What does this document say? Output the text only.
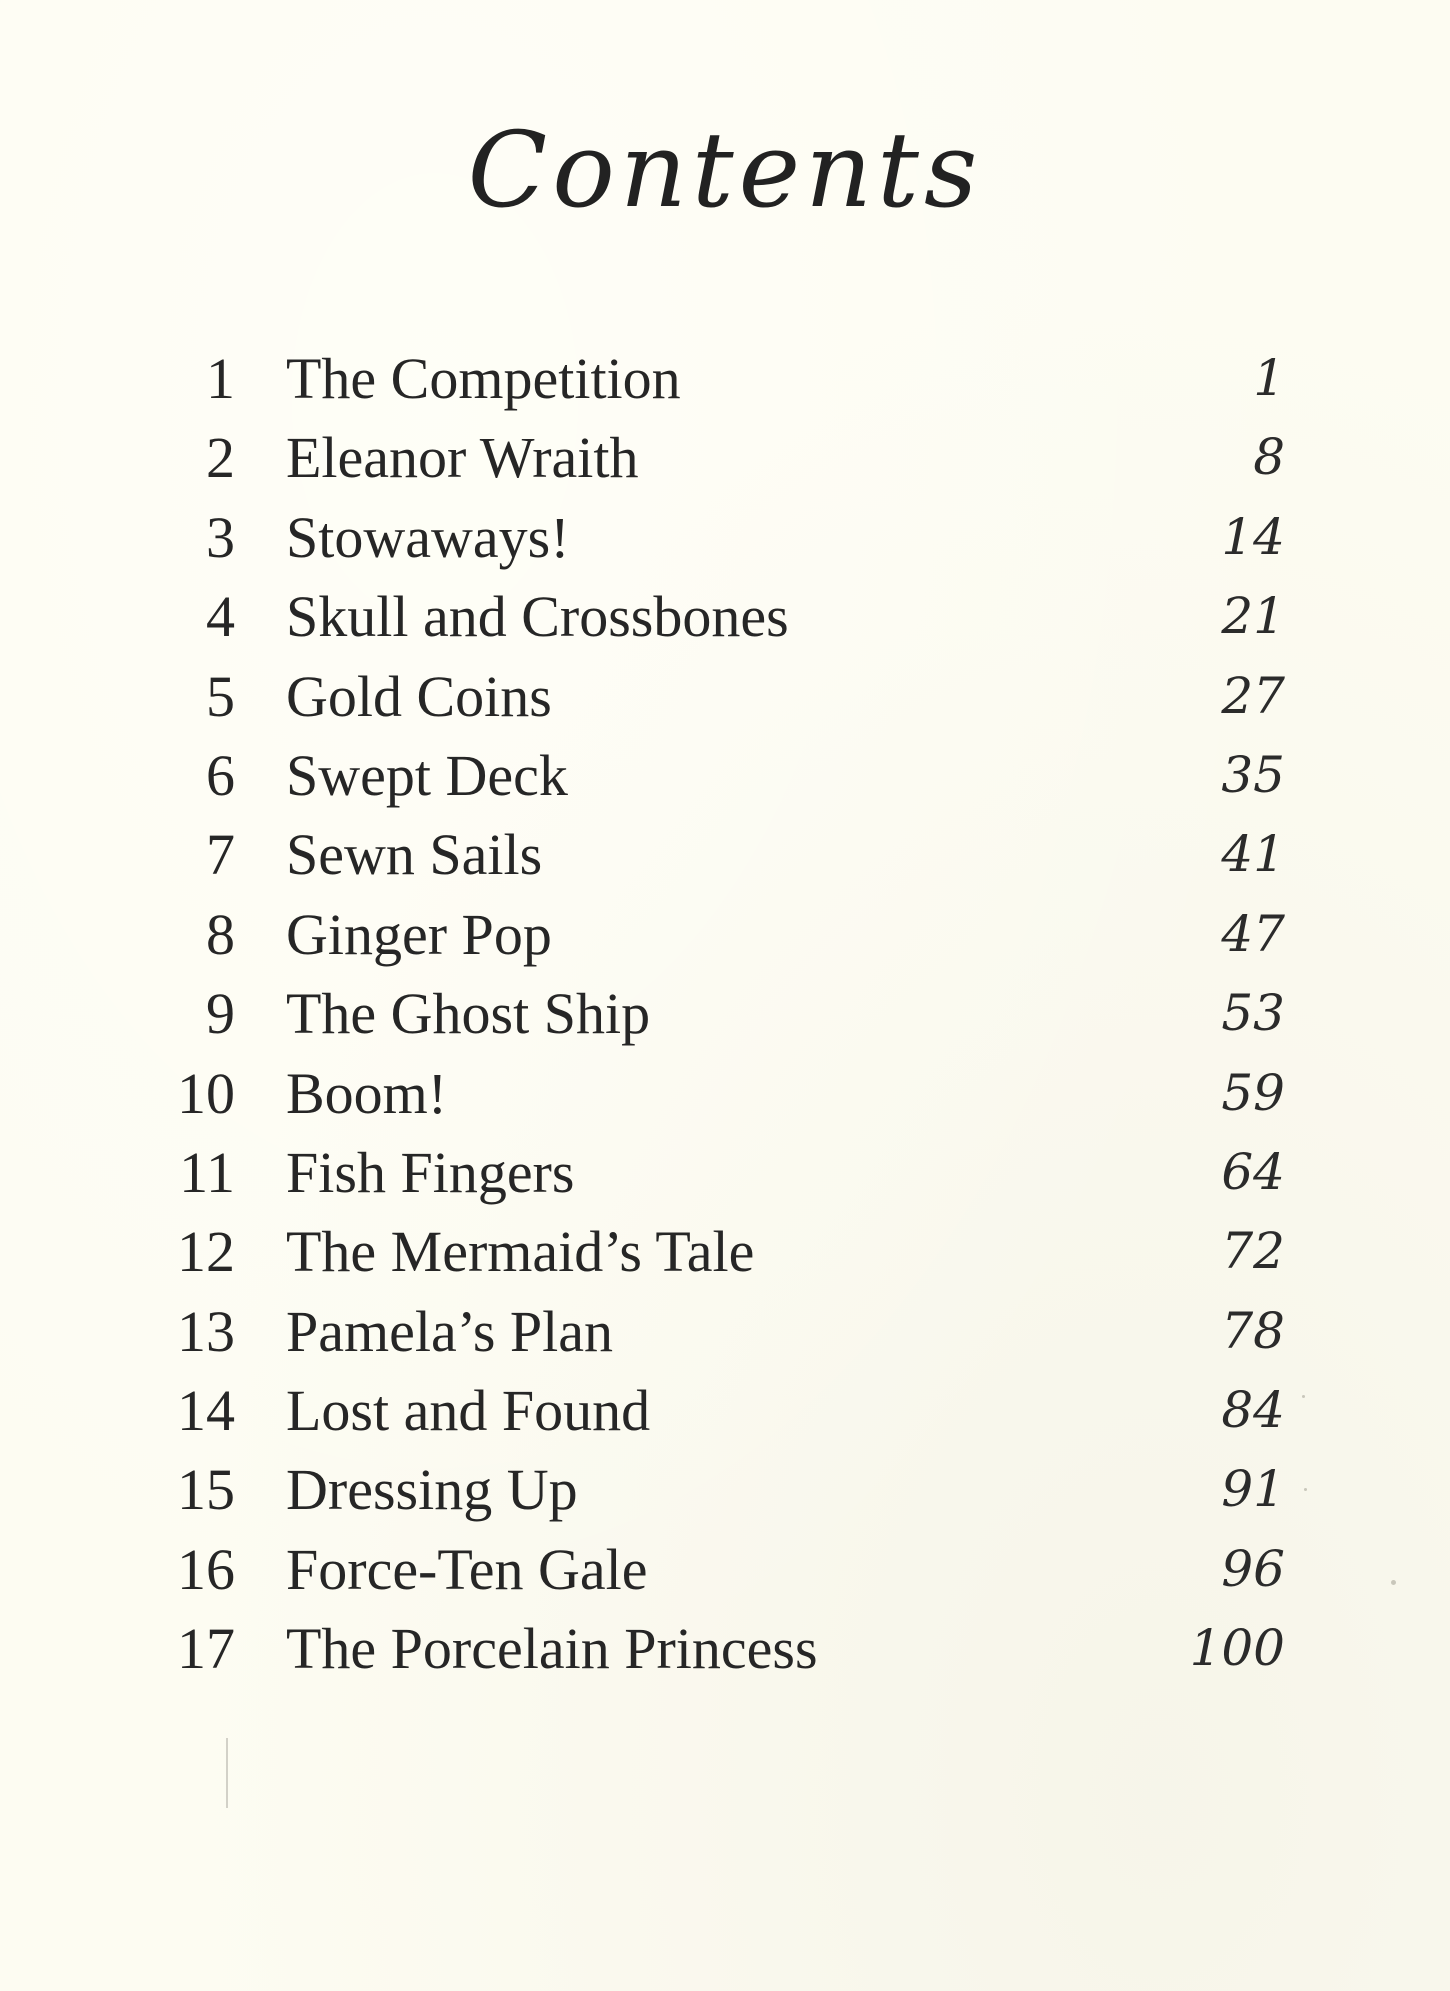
Contents
1 The Competition	1
2 Eleanor Wraith	8
3 Stowaways!	14
4 Skull and Crossbones	21
5 Gold Coins	27
6 Swept Deck	35
7 Sewn Sails	41
8 Ginger Pop	47
9 The Ghost Ship	53
10 Boom!	59
11 Fish Fingers	64
12 The Mermaid’s Tale	72
13 Pamela’s Plan	78
14 Lost and Found	84
15 Dressing Up	91
16 Force-Ten Gale	96
17 The Porcelain Princess	100
